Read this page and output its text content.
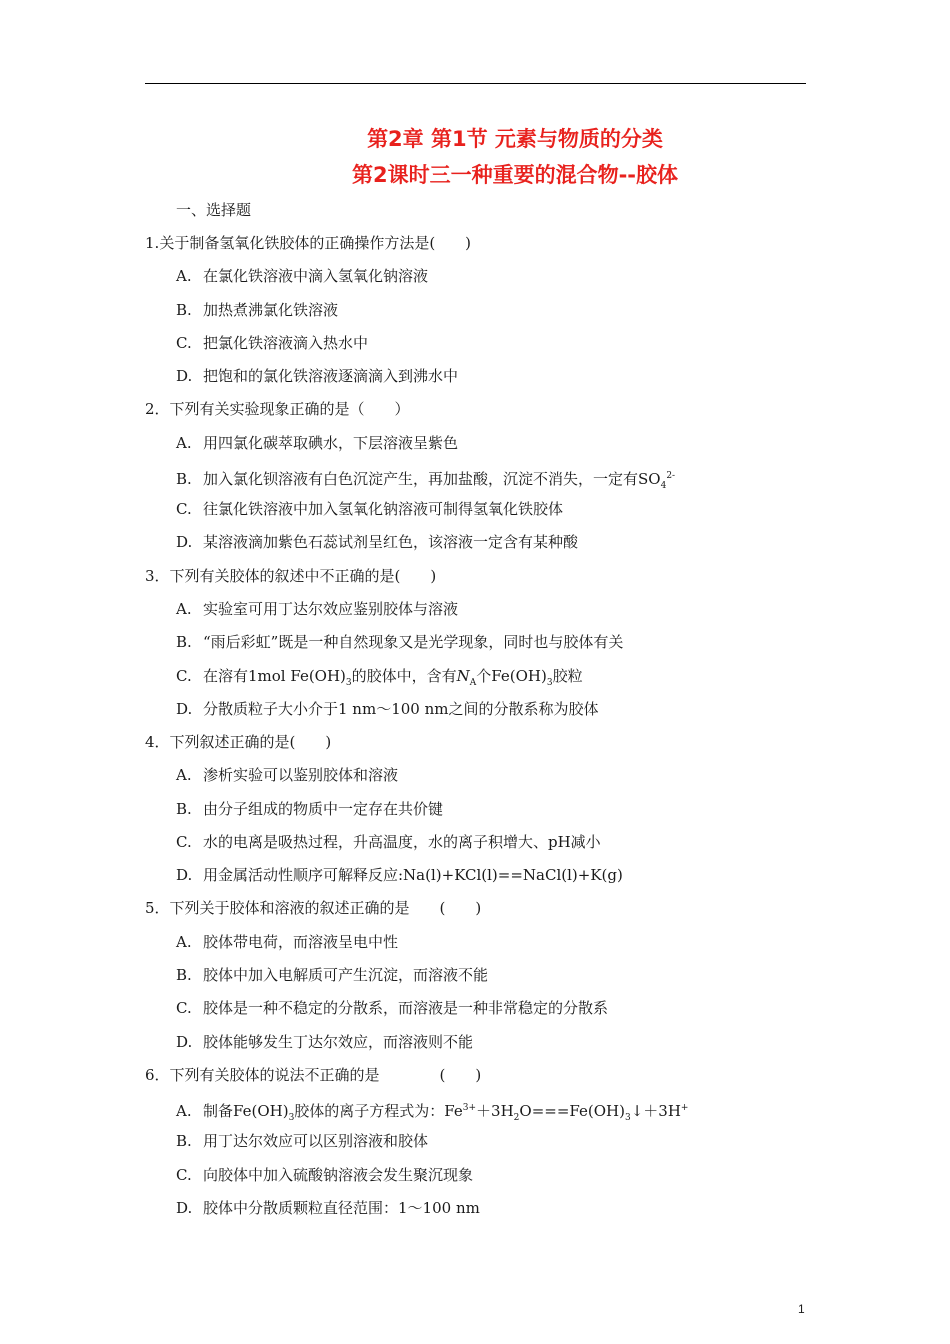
第2章 第1节 元素与物质的分类
第2课时三一种重要的混合物--胶体
一、选择题
1.关于制备氢氧化铁胶体的正确操作方法是(　　)
A. 在氯化铁溶液中滴入氢氧化钠溶液
B. 加热煮沸氯化铁溶液
C. 把氯化铁溶液滴入热水中
D. 把饱和的氯化铁溶液逐滴滴入到沸水中
2．下列有关实验现象正确的是（　　）
A. 用四氯化碳萃取碘水，下层溶液呈紫色
B. 加入氯化钡溶液有白色沉淀产生，再加盐酸，沉淀不消失，一定有$SO_4^{2-}$
C. 往氯化铁溶液中加入氢氧化钠溶液可制得氢氧化铁胶体
D. 某溶液滴加紫色石蕊试剂呈红色，该溶液一定含有某种酸
3．下列有关胶体的叙述中不正确的是(　　)
A. 实验室可用丁达尔效应鉴别胶体与溶液
B. “雨后彩虹”既是一种自然现象又是光学现象，同时也与胶体有关
C. 在溶有1mol $Fe(OH)_3$的胶体中，含有$N_A$个$Fe(OH)_3$胶粒
D. 分散质粒子大小介于1 nm～100 nm之间的分散系称为胶体
4．下列叙述正确的是(　　)
A. 渗析实验可以鉴别胶体和溶液
B. 由分子组成的物质中一定存在共价键
C. 水的电离是吸热过程，升高温度，水的离子积增大、pH减小
D. 用金属活动性顺序可解释反应:Na(l)+KCl(l)==NaCl(l)+K(g)
5．下列关于胶体和溶液的叙述正确的是　　(　　)
A. 胶体带电荷，而溶液呈电中性
B. 胶体中加入电解质可产生沉淀，而溶液不能
C. 胶体是一种不稳定的分散系，而溶液是一种非常稳定的分散系
D. 胶体能够发生丁达尔效应，而溶液则不能
6．下列有关胶体的说法不正确的是　　　　(　　)
A. 制备$Fe(OH)_3$胶体的离子方程式为：$Fe^{3+}+3H_2O===Fe(OH)_3↓+3H^+$
B. 用丁达尔效应可以区别溶液和胶体
C. 向胶体中加入硫酸钠溶液会发生聚沉现象
D. 胶体中分散质颗粒直径范围：1～100 nm
1
